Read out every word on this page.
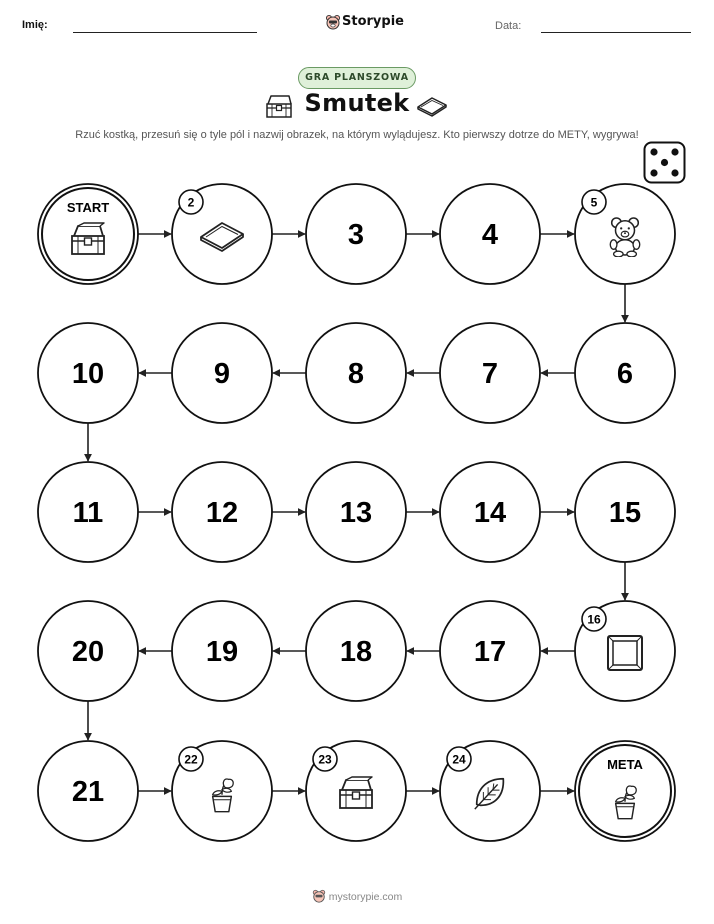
Imię:	Storypie	Data:
GRA PLANSZOWA
Smutek
Rzuć kostką, przesuń się o tyle pól i nazwij obrazek, na którym wylądujesz. Kto pierwszy dotrze do METY, wygrywa!
START	2
3	4
5
6
7
8
9
10
11	12	13	14	15
16
17
18
19
20
21
22	23	24	META
mystorypie.com
